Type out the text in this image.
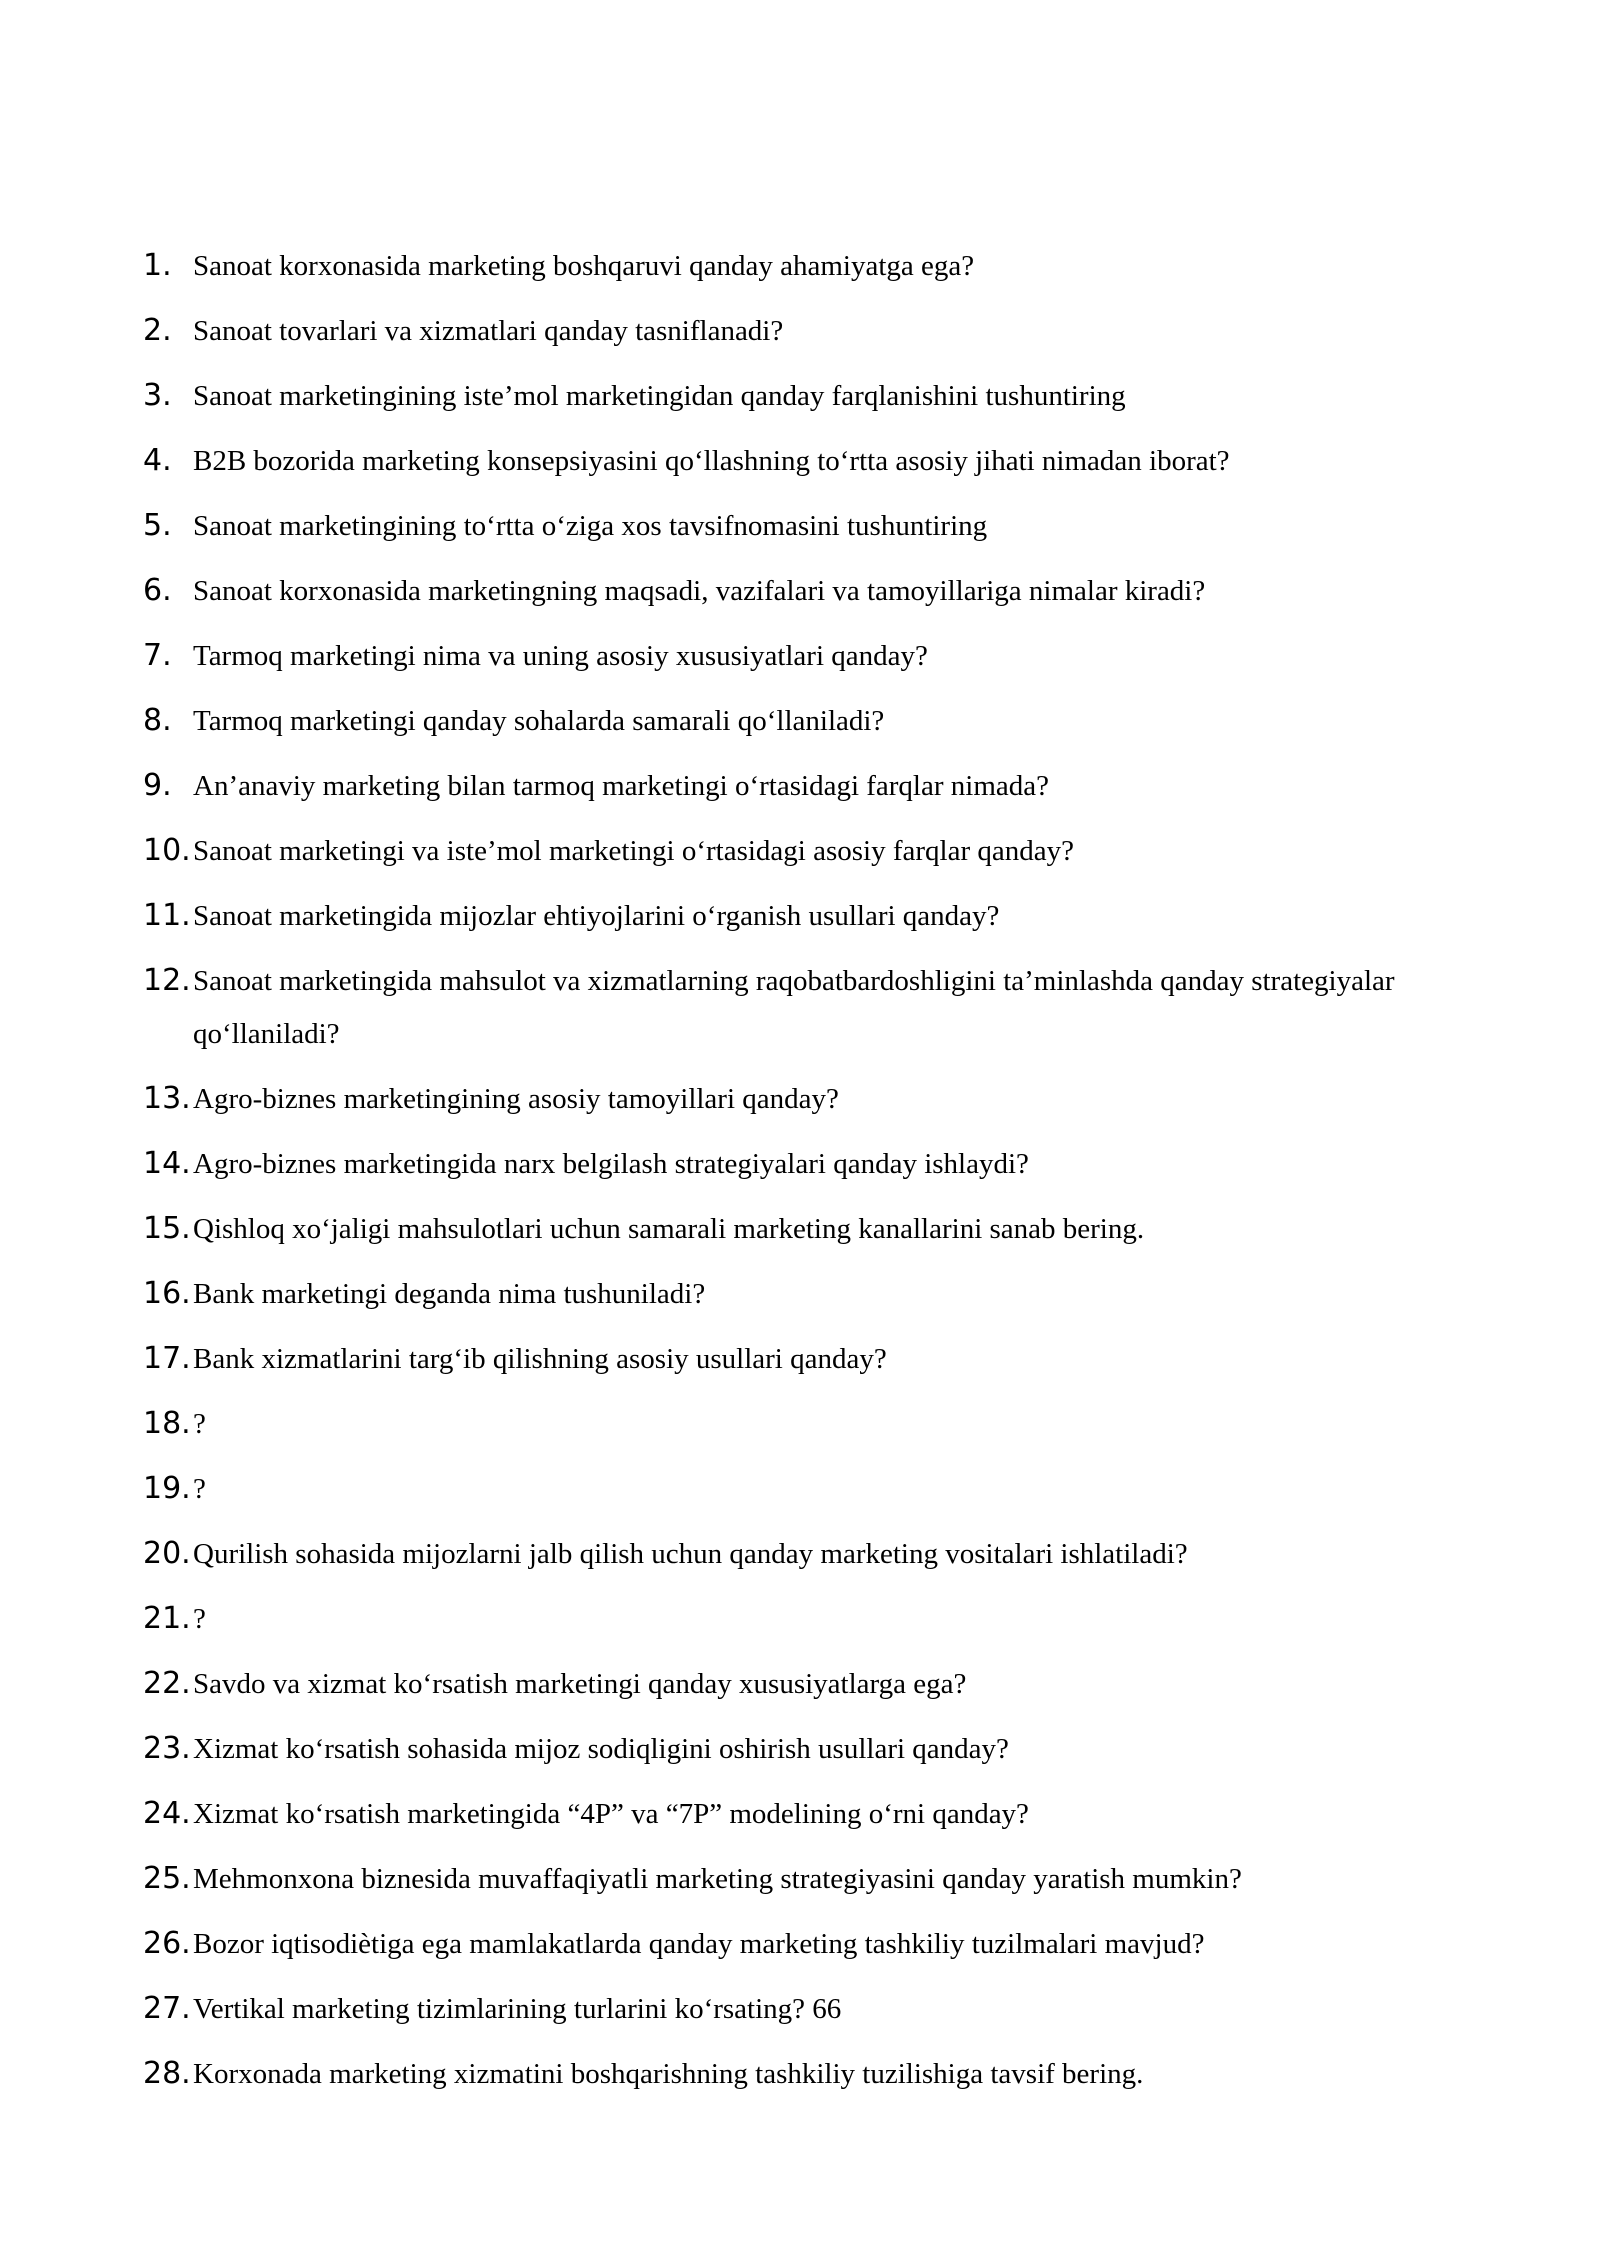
1. Sanoat korxonasida marketing boshqaruvi qanday ahamiyatga ega?
2. Sanoat tovarlari va xizmatlari qanday tasniflanadi?
3. Sanoat marketingining iste’mol marketingidan qanday farqlanishini tushuntiring
4. B2B bozorida marketing konsepsiyasini qo‘llashning to‘rtta asosiy jihati nimadan iborat?
5. Sanoat marketingining to‘rtta o‘ziga xos tavsifnomasini tushuntiring
6. Sanoat korxonasida marketingning maqsadi, vazifalari va tamoyillariga nimalar kiradi?
7. Tarmoq marketingi nima va uning asosiy xususiyatlari qanday?
8. Tarmoq marketingi qanday sohalarda samarali qo‘llaniladi?
9. An’anaviy marketing bilan tarmoq marketingi o‘rtasidagi farqlar nimada?
10. Sanoat marketingi va iste’mol marketingi o‘rtasidagi asosiy farqlar qanday?
11. Sanoat marketingida mijozlar ehtiyojlarini o‘rganish usullari qanday?
12. Sanoat marketingida mahsulot va xizmatlarning raqobatbardoshligini ta’minlashda qanday strategiyalar qo‘llaniladi?
13. Agro-biznes marketingining asosiy tamoyillari qanday?
14. Agro-biznes marketingida narx belgilash strategiyalari qanday ishlaydi?
15. Qishloq xo‘jaligi mahsulotlari uchun samarali marketing kanallarini sanab bering.
16. Bank marketingi deganda nima tushuniladi?
17. Bank xizmatlarini targ‘ib qilishning asosiy usullari qanday?
18. ?
19. ?
20. Qurilish sohasida mijozlarni jalb qilish uchun qanday marketing vositalari ishlatiladi?
21. ?
22. Savdo va xizmat ko‘rsatish marketingi qanday xususiyatlarga ega?
23. Xizmat ko‘rsatish sohasida mijoz sodiqligini oshirish usullari qanday?
24. Xizmat ko‘rsatish marketingida “4P” va “7P” modelining o‘rni qanday?
25. Mehmonxona biznesida muvaffaqiyatli marketing strategiyasini qanday yaratish mumkin?
26. Bozor iqtisodiètiga ega mamlakatlarda qanday marketing tashkiliy tuzilmalari mavjud?
27. Vertikal marketing tizimlarining turlarini ko‘rsating? 66
28. Korxonada marketing xizmatini boshqarishning tashkiliy tuzilishiga tavsif bering.
